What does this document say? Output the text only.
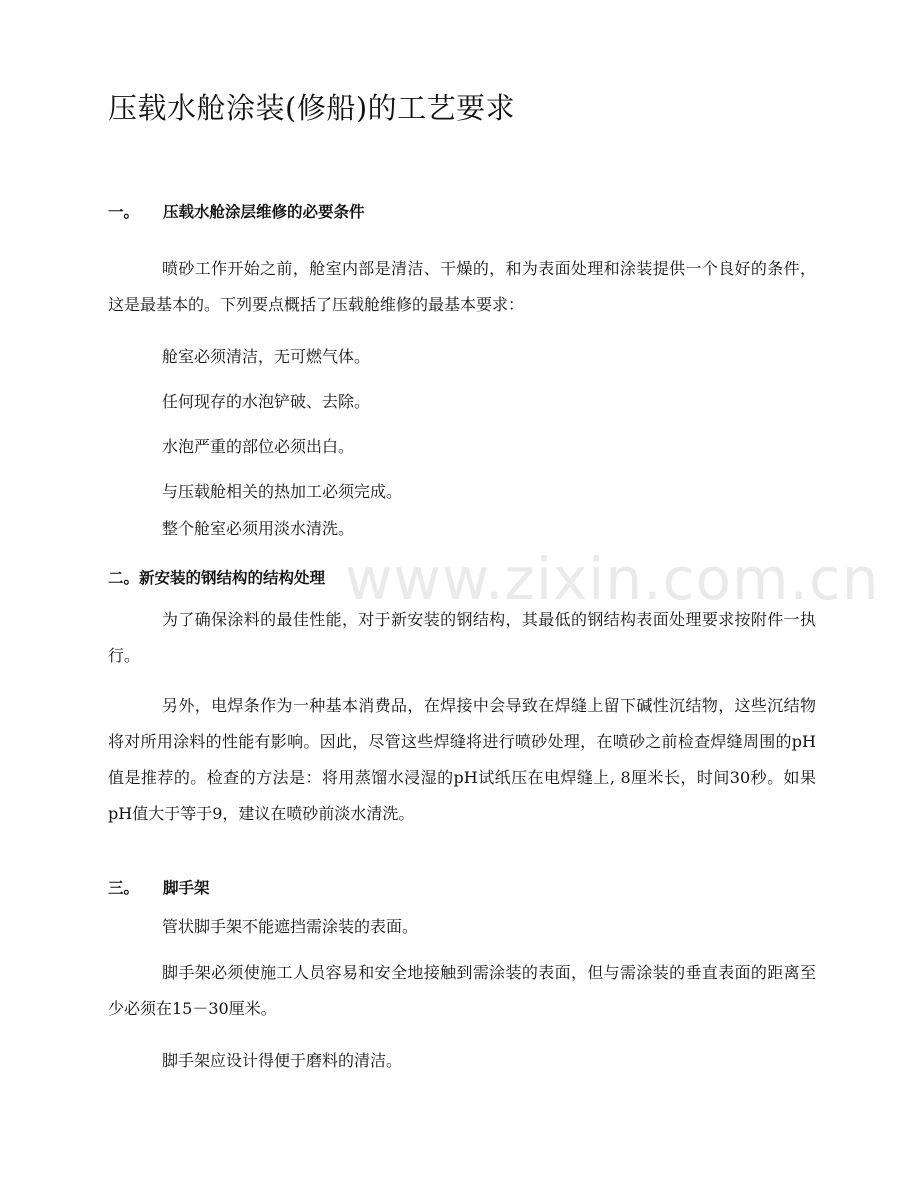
压载水舱涂装(修船)的工艺要求
一。 压载水舱涂层维修的必要条件

喷砂工作开始之前，舱室内部是清洁、干燥的，和为表面处理和涂装提供一个良好的条件，这是最基本的。下列要点概括了压载舱维修的最基本要求：

舱室必须清洁，无可燃气体。

任何现存的水泡铲破、去除。

水泡严重的部位必须出白。

与压载舱相关的热加工必须完成。

整个舱室必须用淡水清洗。

二。新安装的钢结构的结构处理

为了确保涂料的最佳性能，对于新安装的钢结构，其最低的钢结构表面处理要求按附件一执行。

另外，电焊条作为一种基本消费品，在焊接中会导致在焊缝上留下碱性沉结物，这些沉结物将对所用涂料的性能有影响。因此，尽管这些焊缝将进行喷砂处理，在喷砂之前检查焊缝周围的pH值是推荐的。检查的方法是：将用蒸馏水浸湿的pH试纸压在电焊缝上, 8厘米长，时间30秒。如果pH值大于等于9，建议在喷砂前淡水清洗。

三。 脚手架

管状脚手架不能遮挡需涂装的表面。

脚手架必须使施工人员容易和安全地接触到需涂装的表面，但与需涂装的垂直表面的距离至少必须在15－30厘米。

脚手架应设计得便于磨料的清洁。

www.zixin.com.cn
